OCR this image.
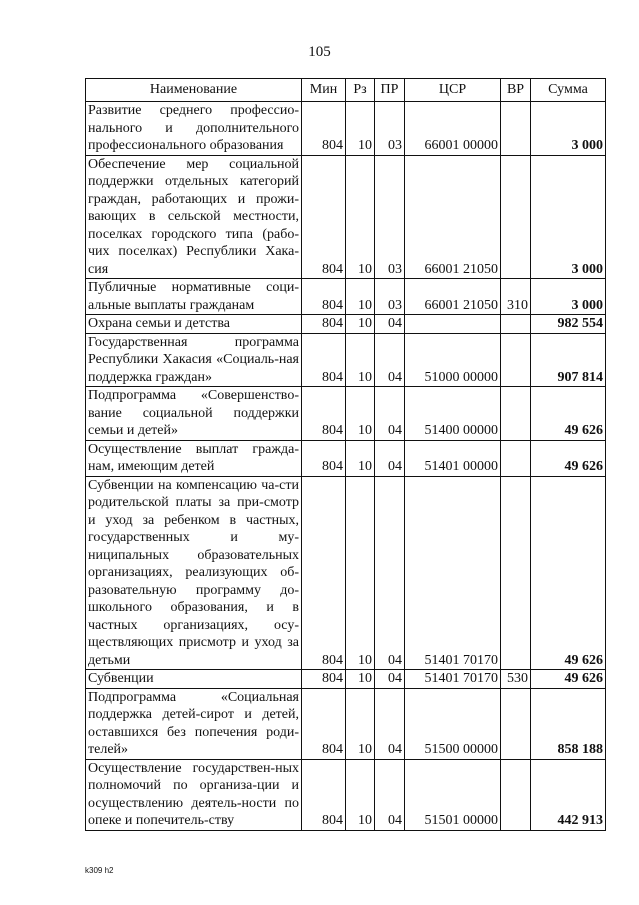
105
Наименование	Мин	Рз	ПР	ЦСР	ВР	Сумма
Развитие среднего профессио-нального и дополнительного профессионального образования	804	10	03	66001 00000		3 000
Обеспечение мер социальной поддержки отдельных категорий граждан, работающих и прожи-вающих в сельской местности, поселках городского типа (рабо-чих поселках) Республики Хака-сия	804	10	03	66001 21050		3 000
Публичные нормативные соци-альные выплаты гражданам	804	10	03	66001 21050	310	3 000
Охрана семьи и детства	804	10	04			982 554
Государственная программа Республики Хакасия «Социаль-ная поддержка граждан»	804	10	04	51000 00000		907 814
Подпрограмма «Совершенство-вание социальной поддержки семьи и детей»	804	10	04	51400 00000		49 626
Осуществление выплат гражда-нам, имеющим детей	804	10	04	51401 00000		49 626
Субвенции на компенсацию ча-сти родительской платы за при-смотр и уход за ребенком в частных, государственных и му-ниципальных образовательных организациях, реализующих об-разовательную программу до-школьного образования, и в частных организациях, осу-ществляющих присмотр и уход за детьми	804	10	04	51401 70170		49 626
Субвенции	804	10	04	51401 70170	530	49 626
Подпрограмма «Социальная поддержка детей-сирот и детей, оставшихся без попечения роди-телей»	804	10	04	51500 00000		858 188
Осуществление государствен-ных полномочий по организа-ции и осуществлению деятель-ности по опеке и попечитель-ству	804	10	04	51501 00000		442 913
k309 h2
